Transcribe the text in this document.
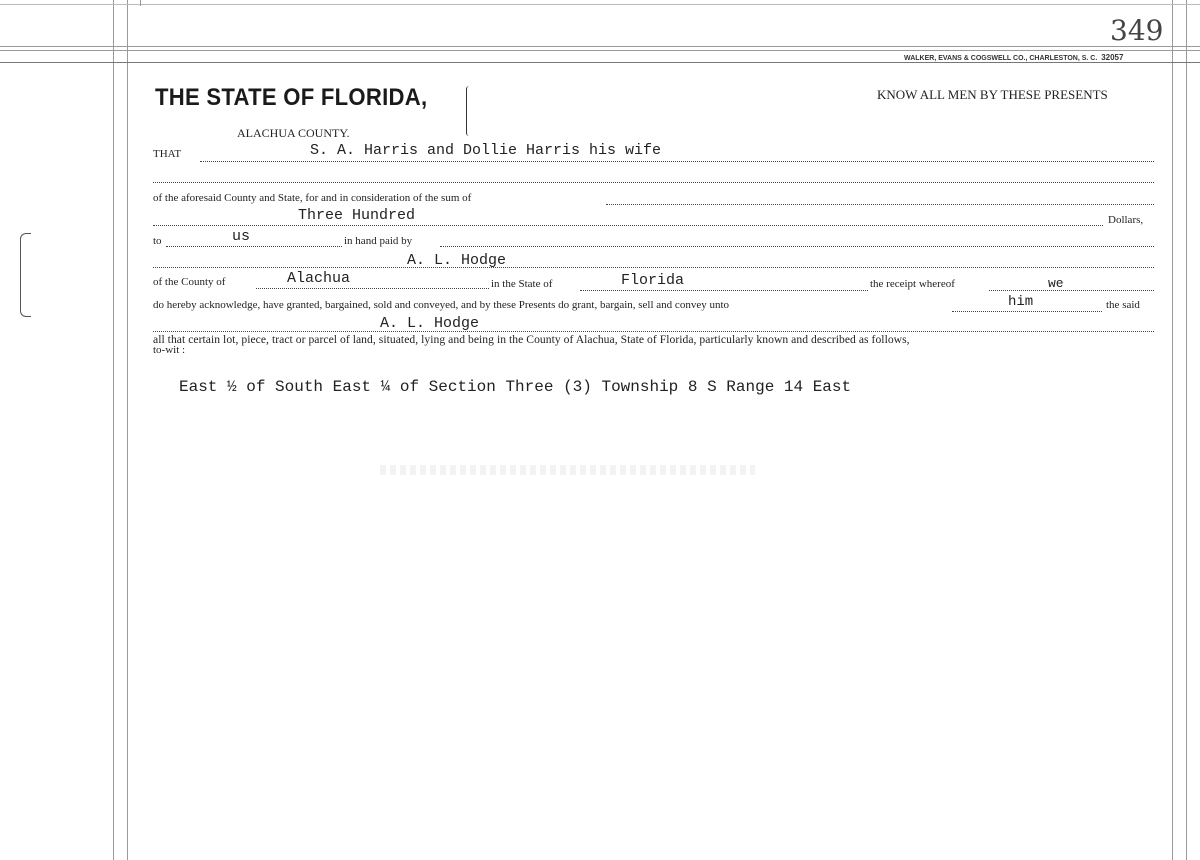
349
WALKER, EVANS & COGSWELL CO., CHARLESTON, S. C. 32057
THE STATE OF FLORIDA,	KNOW ALL MEN BY THESE PRESENTS
ALACHUA COUNTY.
THAT	S. A. Harris and Dollie Harris his wife
of the aforesaid County and State, for and in consideration of the sum of
Three Hundred	Dollars,
to	us	in hand paid by
A. L. Hodge
of the County of	Alachua	in the State of	Florida	the receipt whereof	we
do hereby acknowledge, have granted, bargained, sold and conveyed, and by these Presents do grant, bargain, sell and convey unto	him	the said
A. L. Hodge
all that certain lot, piece, tract or parcel of land, situated, lying and being in the County of Alachua, State of Florida, particularly known and described as follows,
to-wit :
East ½ of South East ¼ of Section Three (3) Township 8 S Range 14 East
